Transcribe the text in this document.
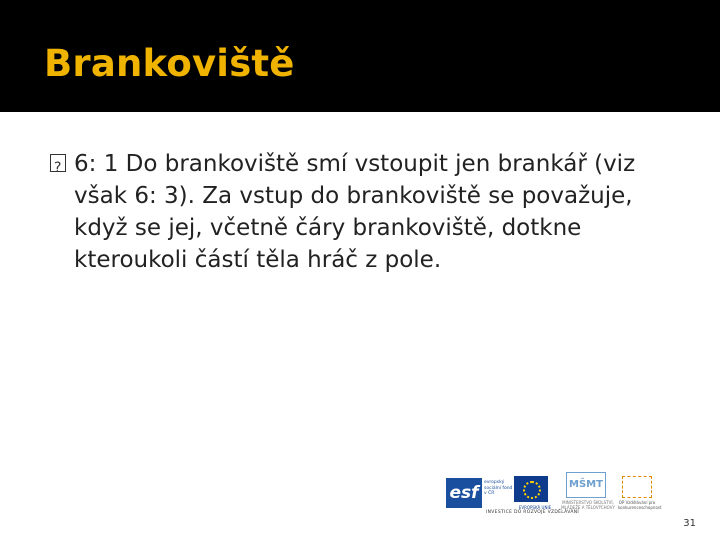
Brankoviště

?
6: 1 Do brankoviště smí vstoupit jen brankář (viz však 6: 3). Za vstup do brankoviště se považuje, když se jej, včetně čáry brankoviště, dotkne kteroukoli částí těla hráč z pole.

esf
evropský sociální fond v ČR
EVROPSKÁ UNIE
MŠMT
MINISTERSTVO ŠKOLSTVÍ, MLÁDEŽE A TĚLOVÝCHOVY
OP Vzdělávání pro konkurenceschopnost
INVESTICE DO ROZVOJE VZDĚLÁVÁNÍ
31
